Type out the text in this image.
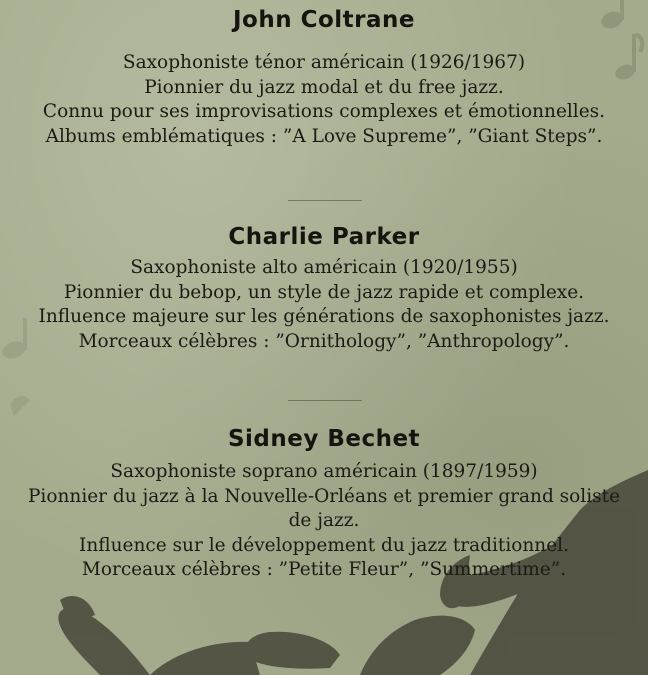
John Coltrane

Saxophoniste ténor américain (1926/1967)

Pionnier du jazz modal et du free jazz.

Connu pour ses improvisations complexes et émotionnelles.

Albums emblématiques : ”A Love Supreme”, ”Giant Steps”.

Charlie Parker

Saxophoniste alto américain (1920/1955)

Pionnier du bebop, un style de jazz rapide et complexe.

Influence majeure sur les générations de saxophonistes jazz.

Morceaux célèbres : ”Ornithology”, ”Anthropology”.

Sidney Bechet

Saxophoniste soprano américain (1897/1959)

Pionnier du jazz à la Nouvelle-Orléans et premier grand soliste de jazz.

Influence sur le développement du jazz traditionnel.

Morceaux célèbres : ”Petite Fleur”, ”Summertime”.
